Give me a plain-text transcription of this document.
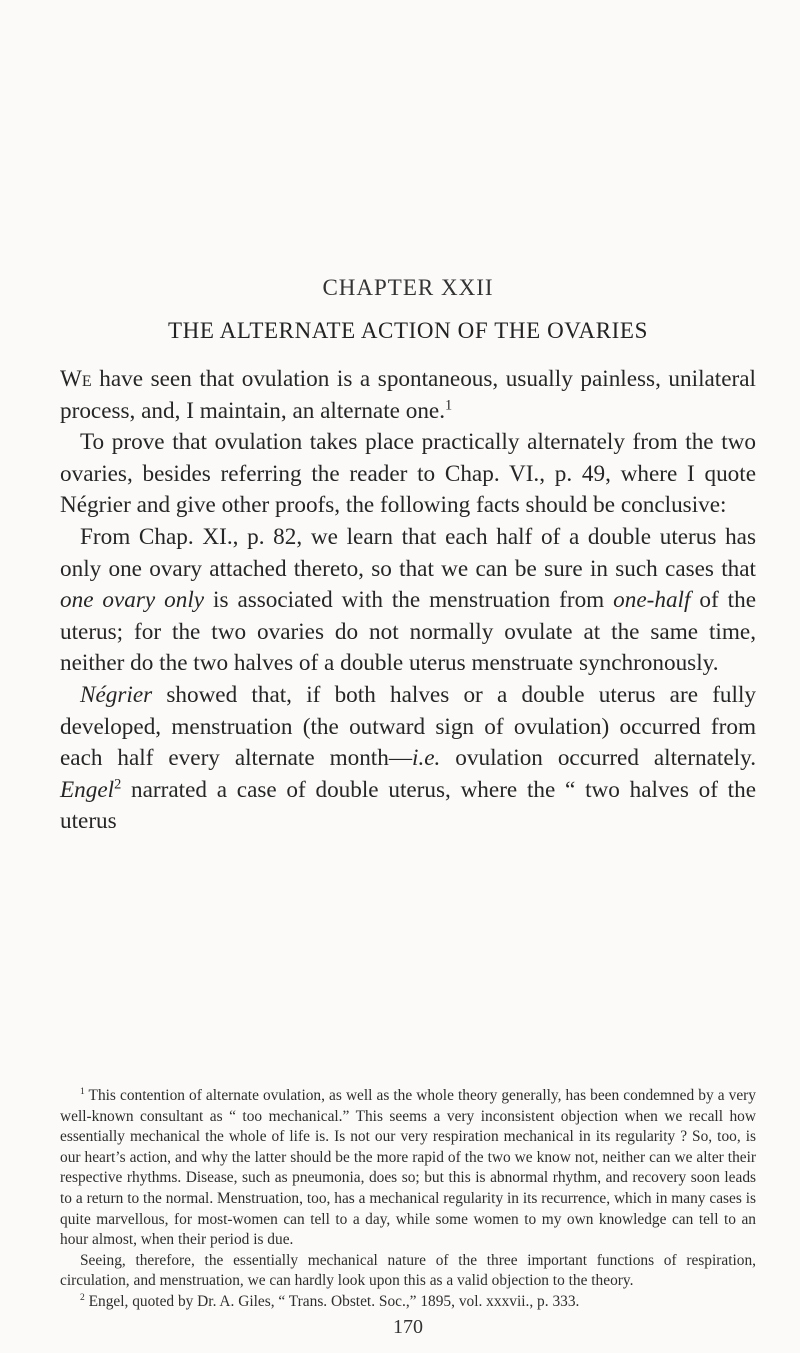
CHAPTER XXII
THE ALTERNATE ACTION OF THE OVARIES

We have seen that ovulation is a spontaneous, usually painless, unilateral process, and, I maintain, an alternate one.$^1$

To prove that ovulation takes place practically alternately from the two ovaries, besides referring the reader to Chap. VI., p. 49, where I quote Négrier and give other proofs, the following facts should be conclusive:

From Chap. XI., p. 82, we learn that each half of a double uterus has only one ovary attached thereto, so that we can be sure in such cases that one ovary only is associated with the menstruation from one-half of the uterus; for the two ovaries do not normally ovulate at the same time, neither do the two halves of a double uterus menstruate synchronously.

Négrier showed that, if both halves or a double uterus are fully developed, menstruation (the outward sign of ovulation) occurred from each half every alternate month—i.e. ovulation occurred alternately. Engel$^2$ narrated a case of double uterus, where the “ two halves of the uterus

$^1$ This contention of alternate ovulation, as well as the whole theory generally, has been condemned by a very well-known consultant as “ too mechanical.” This seems a very inconsistent objection when we recall how essentially mechanical the whole of life is. Is not our very respiration mechanical in its regularity ? So, too, is our heart’s action, and why the latter should be the more rapid of the two we know not, neither can we alter their respective rhythms. Disease, such as pneumonia, does so; but this is abnormal rhythm, and recovery soon leads to a return to the normal. Menstruation, too, has a mechanical regularity in its recurrence, which in many cases is quite marvellous, for most-women can tell to a day, while some women to my own knowledge can tell to an hour almost, when their period is due.

Seeing, therefore, the essentially mechanical nature of the three important functions of respiration, circulation, and menstruation, we can hardly look upon this as a valid objection to the theory.

$^2$ Engel, quoted by Dr. A. Giles, “ Trans. Obstet. Soc.,” 1895, vol. xxxvii., p. 333.

170
